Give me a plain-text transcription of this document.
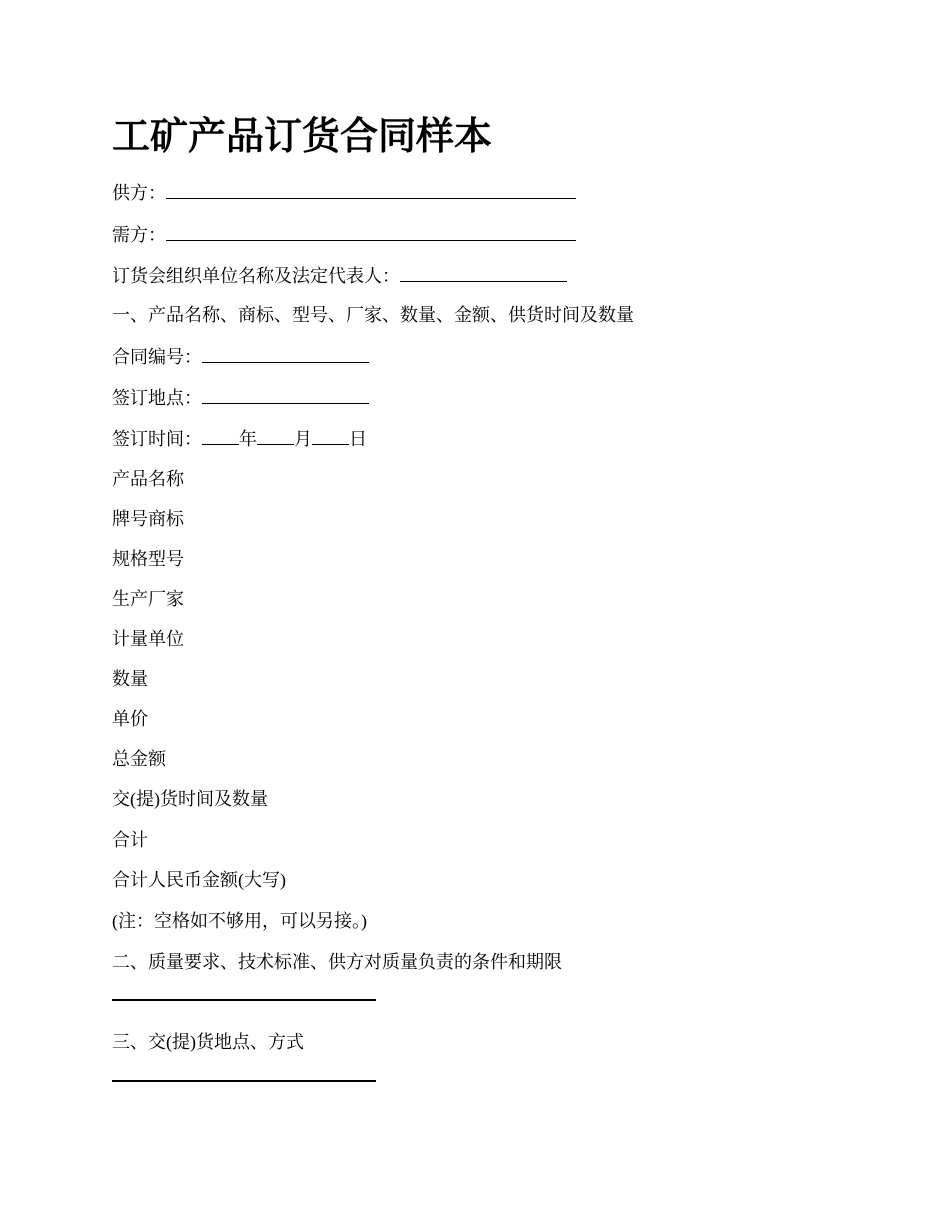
工矿产品订货合同样本
供方：
需方：
订货会组织单位名称及法定代表人：
一、产品名称、商标、型号、厂家、数量、金额、供货时间及数量
合同编号：
签订地点：
签订时间： 年 月 日
产品名称
牌号商标
规格型号
生产厂家
计量单位
数量
单价
总金额
交(提)货时间及数量
合计
合计人民币金额(大写)
(注：空格如不够用，可以另接。)
二、质量要求、技术标准、供方对质量负责的条件和期限
三、交(提)货地点、方式
